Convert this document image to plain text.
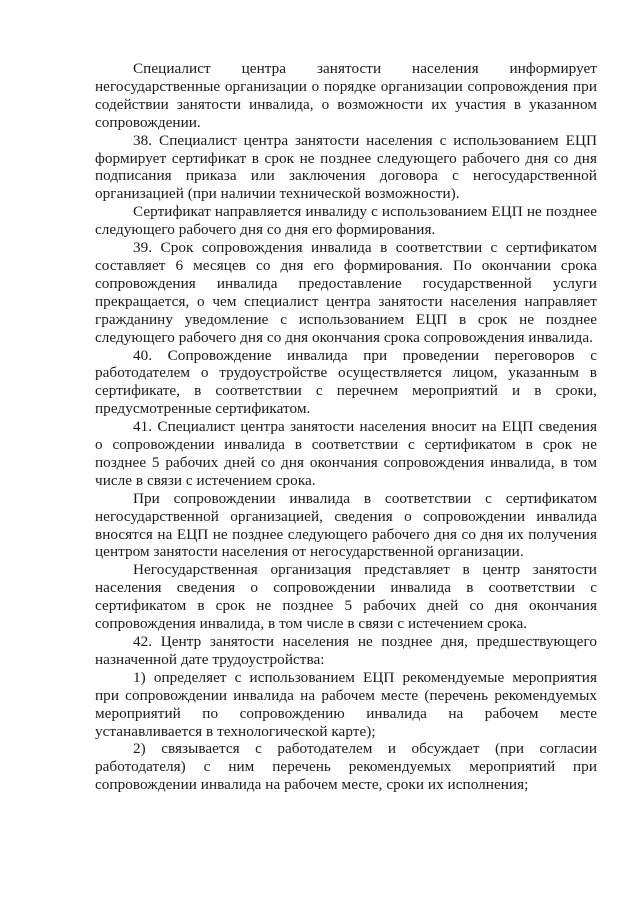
Специалист центра занятости населения информирует негосударственные организации о порядке организации сопровождения при содействии занятости инвалида, о возможности их участия в указанном сопровождении.

38. Специалист центра занятости населения с использованием ЕЦП формирует сертификат в срок не позднее следующего рабочего дня со дня подписания приказа или заключения договора с негосударственной организацией (при наличии технической возможности).

Сертификат направляется инвалиду с использованием ЕЦП не позднее следующего рабочего дня со дня его формирования.

39. Срок сопровождения инвалида в соответствии с сертификатом составляет 6 месяцев со дня его формирования. По окончании срока сопровождения инвалида предоставление государственной услуги прекращается, о чем специалист центра занятости населения направляет гражданину уведомление с использованием ЕЦП в срок не позднее следующего рабочего дня со дня окончания срока сопровождения инвалида.

40. Сопровождение инвалида при проведении переговоров с работодателем о трудоустройстве осуществляется лицом, указанным в сертификате, в соответствии с перечнем мероприятий и в сроки, предусмотренные сертификатом.

41. Специалист центра занятости населения вносит на ЕЦП сведения о сопровождении инвалида в соответствии с сертификатом в срок не позднее 5 рабочих дней со дня окончания сопровождения инвалида, в том числе в связи с истечением срока.

При сопровождении инвалида в соответствии с сертификатом негосударственной организацией, сведения о сопровождении инвалида вносятся на ЕЦП не позднее следующего рабочего дня со дня их получения центром занятости населения от негосударственной организации.

Негосударственная организация представляет в центр занятости населения сведения о сопровождении инвалида в соответствии с сертификатом в срок не позднее 5 рабочих дней со дня окончания сопровождения инвалида, в том числе в связи с истечением срока.

42. Центр занятости населения не позднее дня, предшествующего назначенной дате трудоустройства:

1) определяет с использованием ЕЦП рекомендуемые мероприятия при сопровождении инвалида на рабочем месте (перечень рекомендуемых мероприятий по сопровождению инвалида на рабочем месте устанавливается в технологической карте);

2) связывается с работодателем и обсуждает (при согласии работодателя) с ним перечень рекомендуемых мероприятий при сопровождении инвалида на рабочем месте, сроки их исполнения;
